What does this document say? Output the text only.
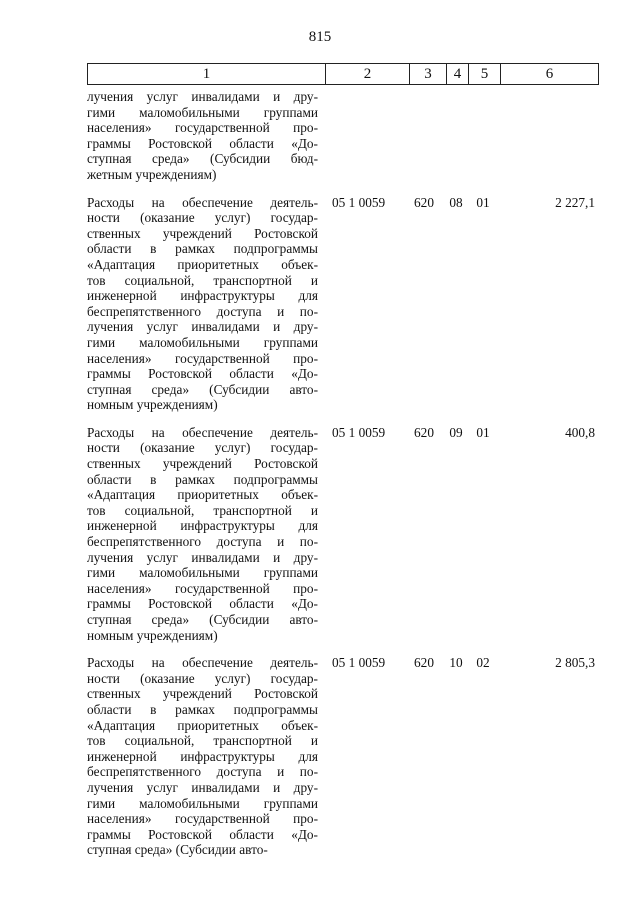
815
1	2	3	4	5	6
лучения услуг инвалидами и дру-
гими маломобильными группами
населения» государственной про-
граммы Ростовской области «До-
ступная среда» (Субсидии бюд-
жетным учреждениям)
Расходы на обеспечение деятель-
ности (оказание услуг) государ-
ственных учреждений Ростовской
области в рамках подпрограммы
«Адаптация приоритетных объек-
тов социальной, транспортной и
инженерной инфраструктуры для
беспрепятственного доступа и по-
лучения услуг инвалидами и дру-
гими маломобильными группами
населения» государственной про-
граммы Ростовской области «До-
ступная среда» (Субсидии авто-
номным учреждениям)
05 1 0059	620	08	01	2 227,1
Расходы на обеспечение деятель-
ности (оказание услуг) государ-
ственных учреждений Ростовской
области в рамках подпрограммы
«Адаптация приоритетных объек-
тов социальной, транспортной и
инженерной инфраструктуры для
беспрепятственного доступа и по-
лучения услуг инвалидами и дру-
гими маломобильными группами
населения» государственной про-
граммы Ростовской области «До-
ступная среда» (Субсидии авто-
номным учреждениям)
05 1 0059	620	09	01	400,8
Расходы на обеспечение деятель-
ности (оказание услуг) государ-
ственных учреждений Ростовской
области в рамках подпрограммы
«Адаптация приоритетных объек-
тов социальной, транспортной и
инженерной инфраструктуры для
беспрепятственного доступа и по-
лучения услуг инвалидами и дру-
гими маломобильными группами
населения» государственной про-
граммы Ростовской области «До-
ступная среда» (Субсидии авто-
05 1 0059	620	10	02	2 805,3
